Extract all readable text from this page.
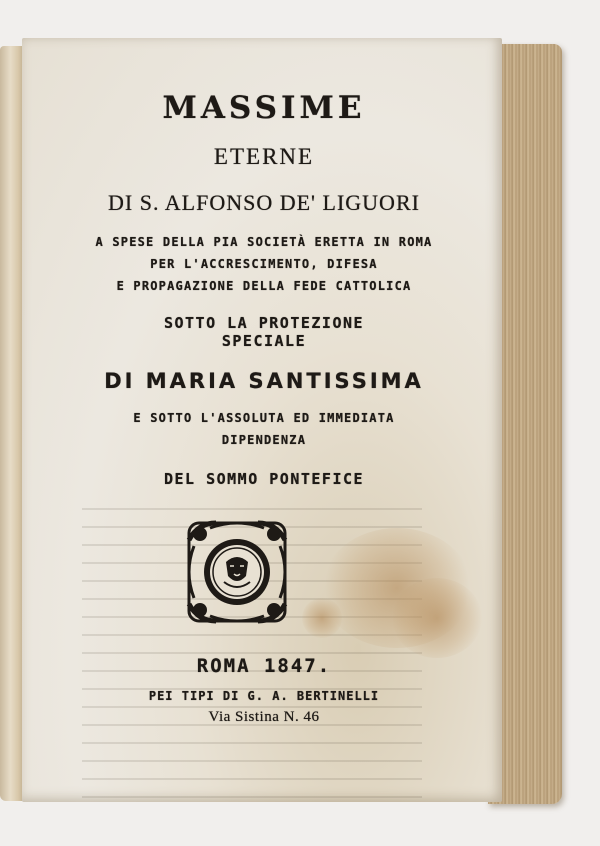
MASSIME
ETERNE
DI S. ALFONSO DE' LIGUORI
A SPESE DELLA PIA SOCIETÀ ERETTA IN ROMA
PER L'ACCRESCIMENTO, DIFESA
E PROPAGAZIONE DELLA FEDE CATTOLICA
SOTTO LA PROTEZIONE
SPECIALE
DI MARIA SANTISSIMA
E SOTTO L'ASSOLUTA ED IMMEDIATA
DIPENDENZA
DEL SOMMO PONTEFICE
ROMA 1847.
PEI TIPI DI G. A. BERTINELLI
Via Sistina N. 46
